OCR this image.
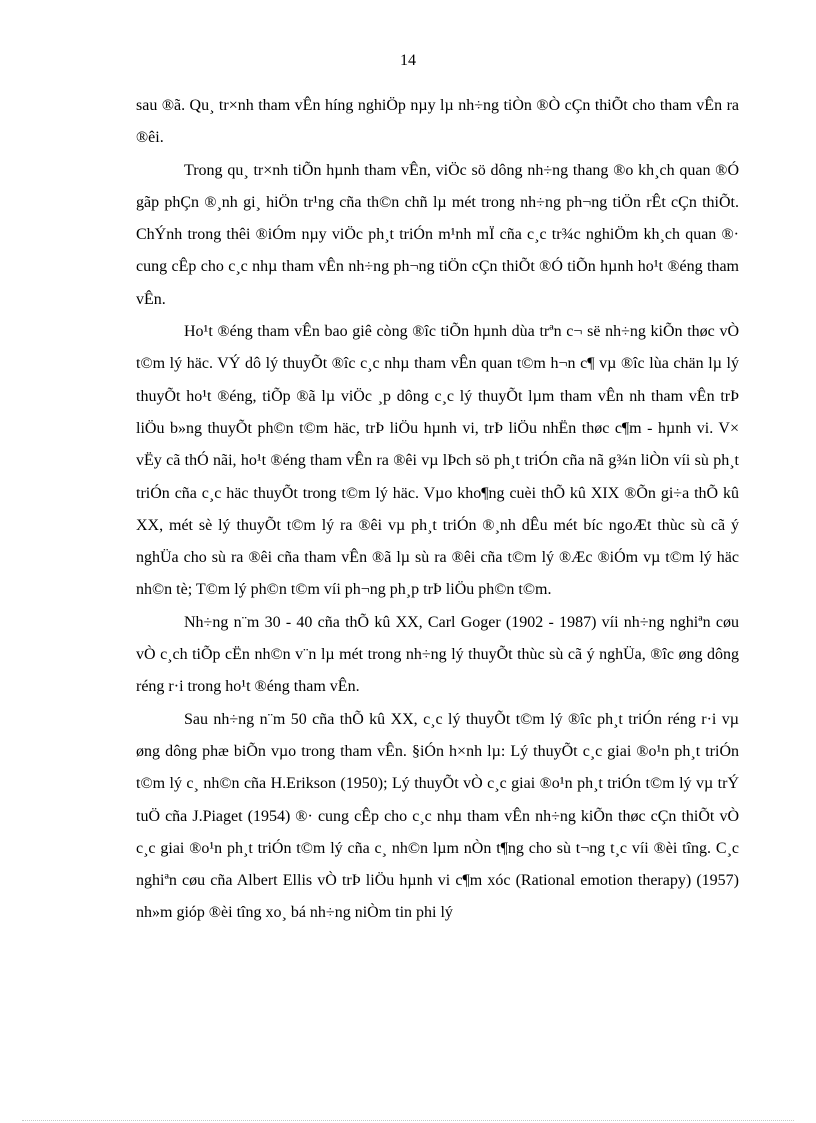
14

sau ®ã. Qu¸ tr×nh tham vÊn híng nghiÖp nµy lµ nh÷ng tiÒn ®Ò cÇn thiÕt cho tham vÊn ra ®êi.

Trong qu¸ tr×nh tiÕn hµnh tham vÊn, viÖc sö dông nh÷ng thang ®o kh¸ch quan ®Ó gãp phÇn ®¸nh gi¸ hiÖn tr¹ng cña th©n chñ lµ mét trong nh÷ng ph¬ng tiÖn rÊt cÇn thiÕt. ChÝnh trong thêi ®iÓm nµy viÖc ph¸t triÓn m¹nh mÏ cña c¸c tr¾c nghiÖm kh¸ch quan ®· cung cÊp cho c¸c nhµ tham vÊn nh÷ng ph¬ng tiÖn cÇn thiÕt ®Ó tiÕn hµnh ho¹t ®éng tham vÊn.

Ho¹t ®éng tham vÊn bao giê còng ®îc tiÕn hµnh dùa trªn c¬ së nh÷ng kiÕn thøc vÒ t©m lý häc. VÝ dô lý thuyÕt ®îc c¸c nhµ tham vÊn quan t©m h¬n c¶ vµ ®îc lùa chän lµ lý thuyÕt ho¹t ®éng, tiÕp ®ã lµ viÖc ¸p dông c¸c lý thuyÕt lµm tham vÊn nh tham vÊn trÞ liÖu b»ng thuyÕt ph©n t©m häc, trÞ liÖu hµnh vi, trÞ liÖu nhËn thøc c¶m - hµnh vi. V× vËy cã thÓ nãi, ho¹t ®éng tham vÊn ra ®êi vµ lÞch sö ph¸t triÓn cña nã g¾n liÒn víi sù ph¸t triÓn cña c¸c häc thuyÕt trong t©m lý häc. Vµo kho¶ng cuèi thÕ kû XIX ®Õn gi÷a thÕ kû XX, mét sè lý thuyÕt t©m lý ra ®êi vµ ph¸t triÓn ®¸nh dÊu mét bíc ngoÆt thùc sù cã ý nghÜa cho sù ra ®êi cña tham vÊn ®ã lµ sù ra ®êi cña t©m lý ®Æc ®iÓm vµ t©m lý häc nh©n tè; T©m lý ph©n t©m víi ph¬ng ph¸p trÞ liÖu ph©n t©m.

Nh÷ng n¨m 30 - 40 cña thÕ kû XX, Carl Goger (1902 - 1987) víi nh÷ng nghiªn cøu vÒ c¸ch tiÕp cËn nh©n v¨n lµ mét trong nh÷ng lý thuyÕt thùc sù cã ý nghÜa, ®îc øng dông réng r·i trong ho¹t ®éng tham vÊn.

Sau nh÷ng n¨m 50 cña thÕ kû XX, c¸c lý thuyÕt t©m lý ®îc ph¸t triÓn réng r·i vµ øng dông phæ biÕn vµo trong tham vÊn. §iÓn h×nh lµ: Lý thuyÕt c¸c giai ®o¹n ph¸t triÓn t©m lý c¸ nh©n cña H.Erikson (1950); Lý thuyÕt vÒ c¸c giai ®o¹n ph¸t triÓn t©m lý vµ trÝ tuÖ cña J.Piaget (1954) ®· cung cÊp cho c¸c nhµ tham vÊn nh÷ng kiÕn thøc cÇn thiÕt vÒ c¸c giai ®o¹n ph¸t triÓn t©m lý cña c¸ nh©n lµm nÒn t¶ng cho sù t¬ng t¸c víi ®èi tîng. C¸c nghiªn cøu cña Albert Ellis vÒ trÞ liÖu hµnh vi c¶m xóc (Rational emotion therapy) (1957) nh»m gióp ®èi tîng xo¸ bá nh÷ng niÒm tin phi lý
